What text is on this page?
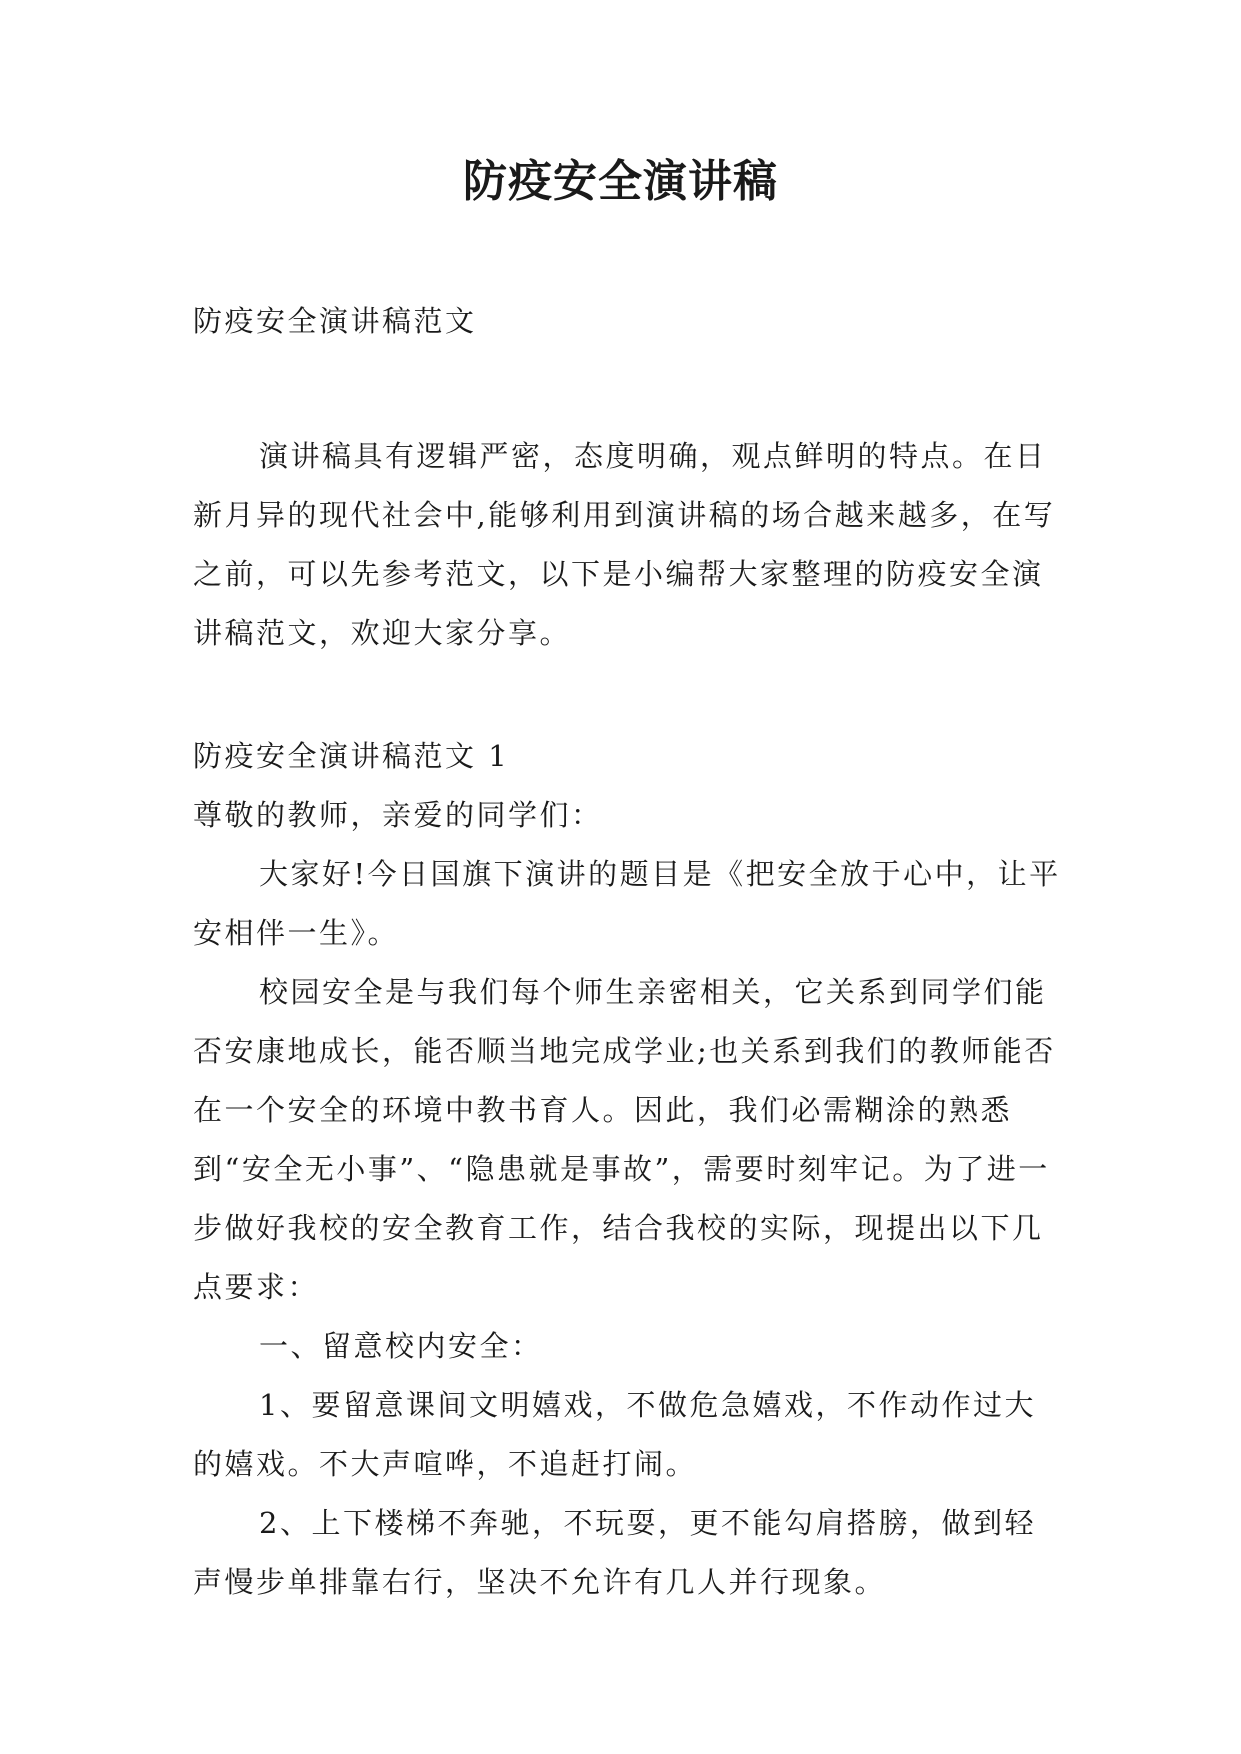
防疫安全演讲稿

防疫安全演讲稿范文

演讲稿具有逻辑严密，态度明确，观点鲜明的特点。在日新月异的现代社会中,能够利用到演讲稿的场合越来越多，在写之前，可以先参考范文，以下是小编帮大家整理的防疫安全演讲稿范文，欢迎大家分享。

防疫安全演讲稿范文 1

尊敬的教师，亲爱的同学们：

大家好!今日国旗下演讲的题目是《把安全放于心中，让平安相伴一生》。

校园安全是与我们每个师生亲密相关，它关系到同学们能否安康地成长，能否顺当地完成学业;也关系到我们的教师能否在一个安全的环境中教书育人。因此，我们必需糊涂的熟悉到“安全无小事”、“隐患就是事故”，需要时刻牢记。为了进一步做好我校的安全教育工作，结合我校的实际，现提出以下几点要求：

一、留意校内安全：

1、要留意课间文明嬉戏，不做危急嬉戏，不作动作过大的嬉戏。不大声喧哗，不追赶打闹。

2、上下楼梯不奔驰，不玩耍，更不能勾肩搭膀，做到轻声慢步单排靠右行，坚决不允许有几人并行现象。
